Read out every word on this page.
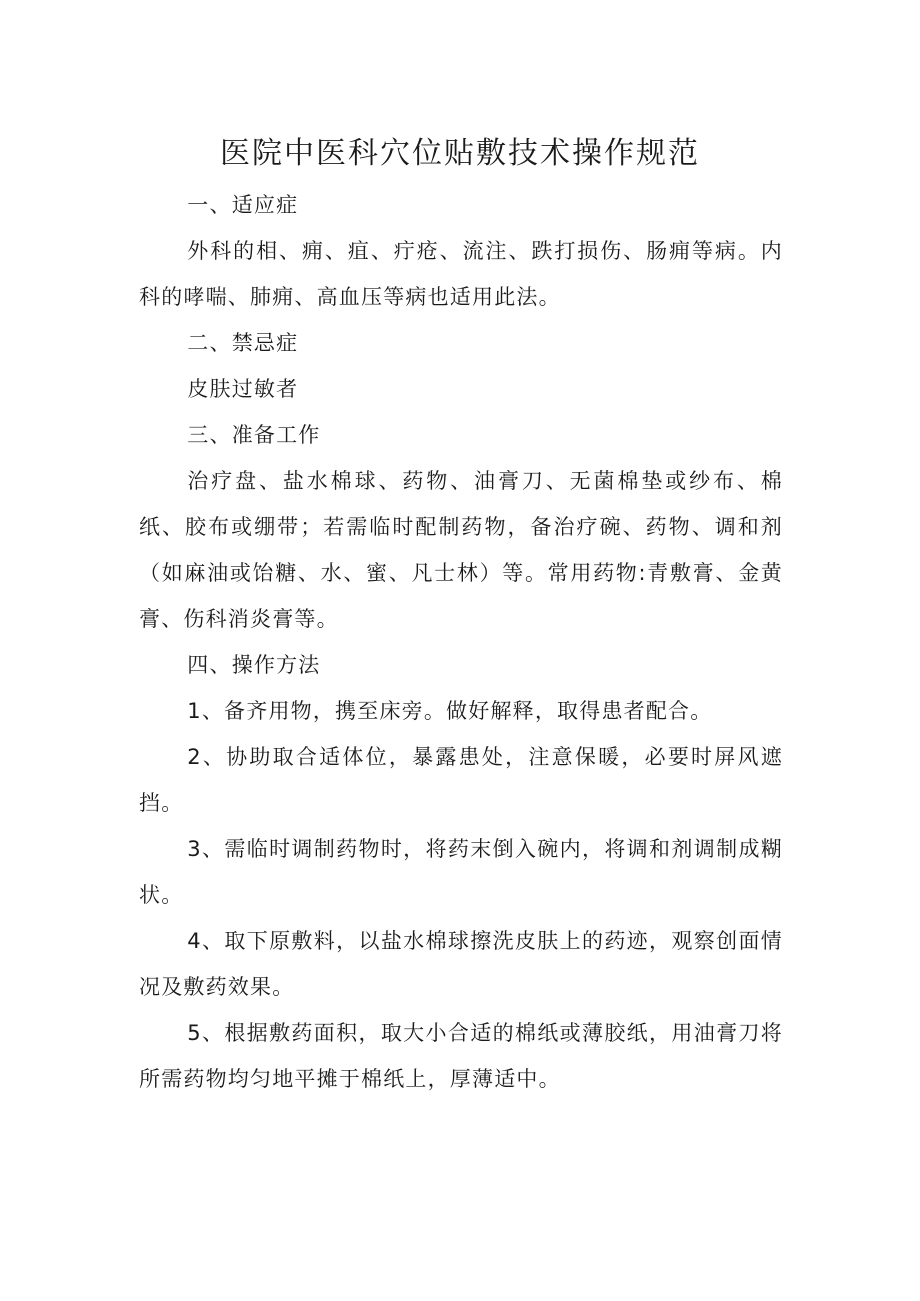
医院中医科穴位贴敷技术操作规范

一、适应症

外科的相、痈、疽、疔疮、流注、跌打损伤、肠痈等病。内科的哮喘、肺痈、高血压等病也适用此法。

二、禁忌症

皮肤过敏者

三、准备工作

治疗盘、盐水棉球、药物、油膏刀、无菌棉垫或纱布、棉纸、胶布或绷带；若需临时配制药物，备治疗碗、药物、调和剂（如麻油或饴糖、水、蜜、凡士林）等。常用药物:青敷膏、金黄膏、伤科消炎膏等。

四、操作方法

1、备齐用物，携至床旁。做好解释，取得患者配合。

2、协助取合适体位，暴露患处，注意保暖，必要时屏风遮挡。

3、需临时调制药物时，将药末倒入碗内，将调和剂调制成糊状。

4、取下原敷料，以盐水棉球擦洗皮肤上的药迹，观察创面情况及敷药效果。

5、根据敷药面积，取大小合适的棉纸或薄胶纸，用油膏刀将所需药物均匀地平摊于棉纸上，厚薄适中。
